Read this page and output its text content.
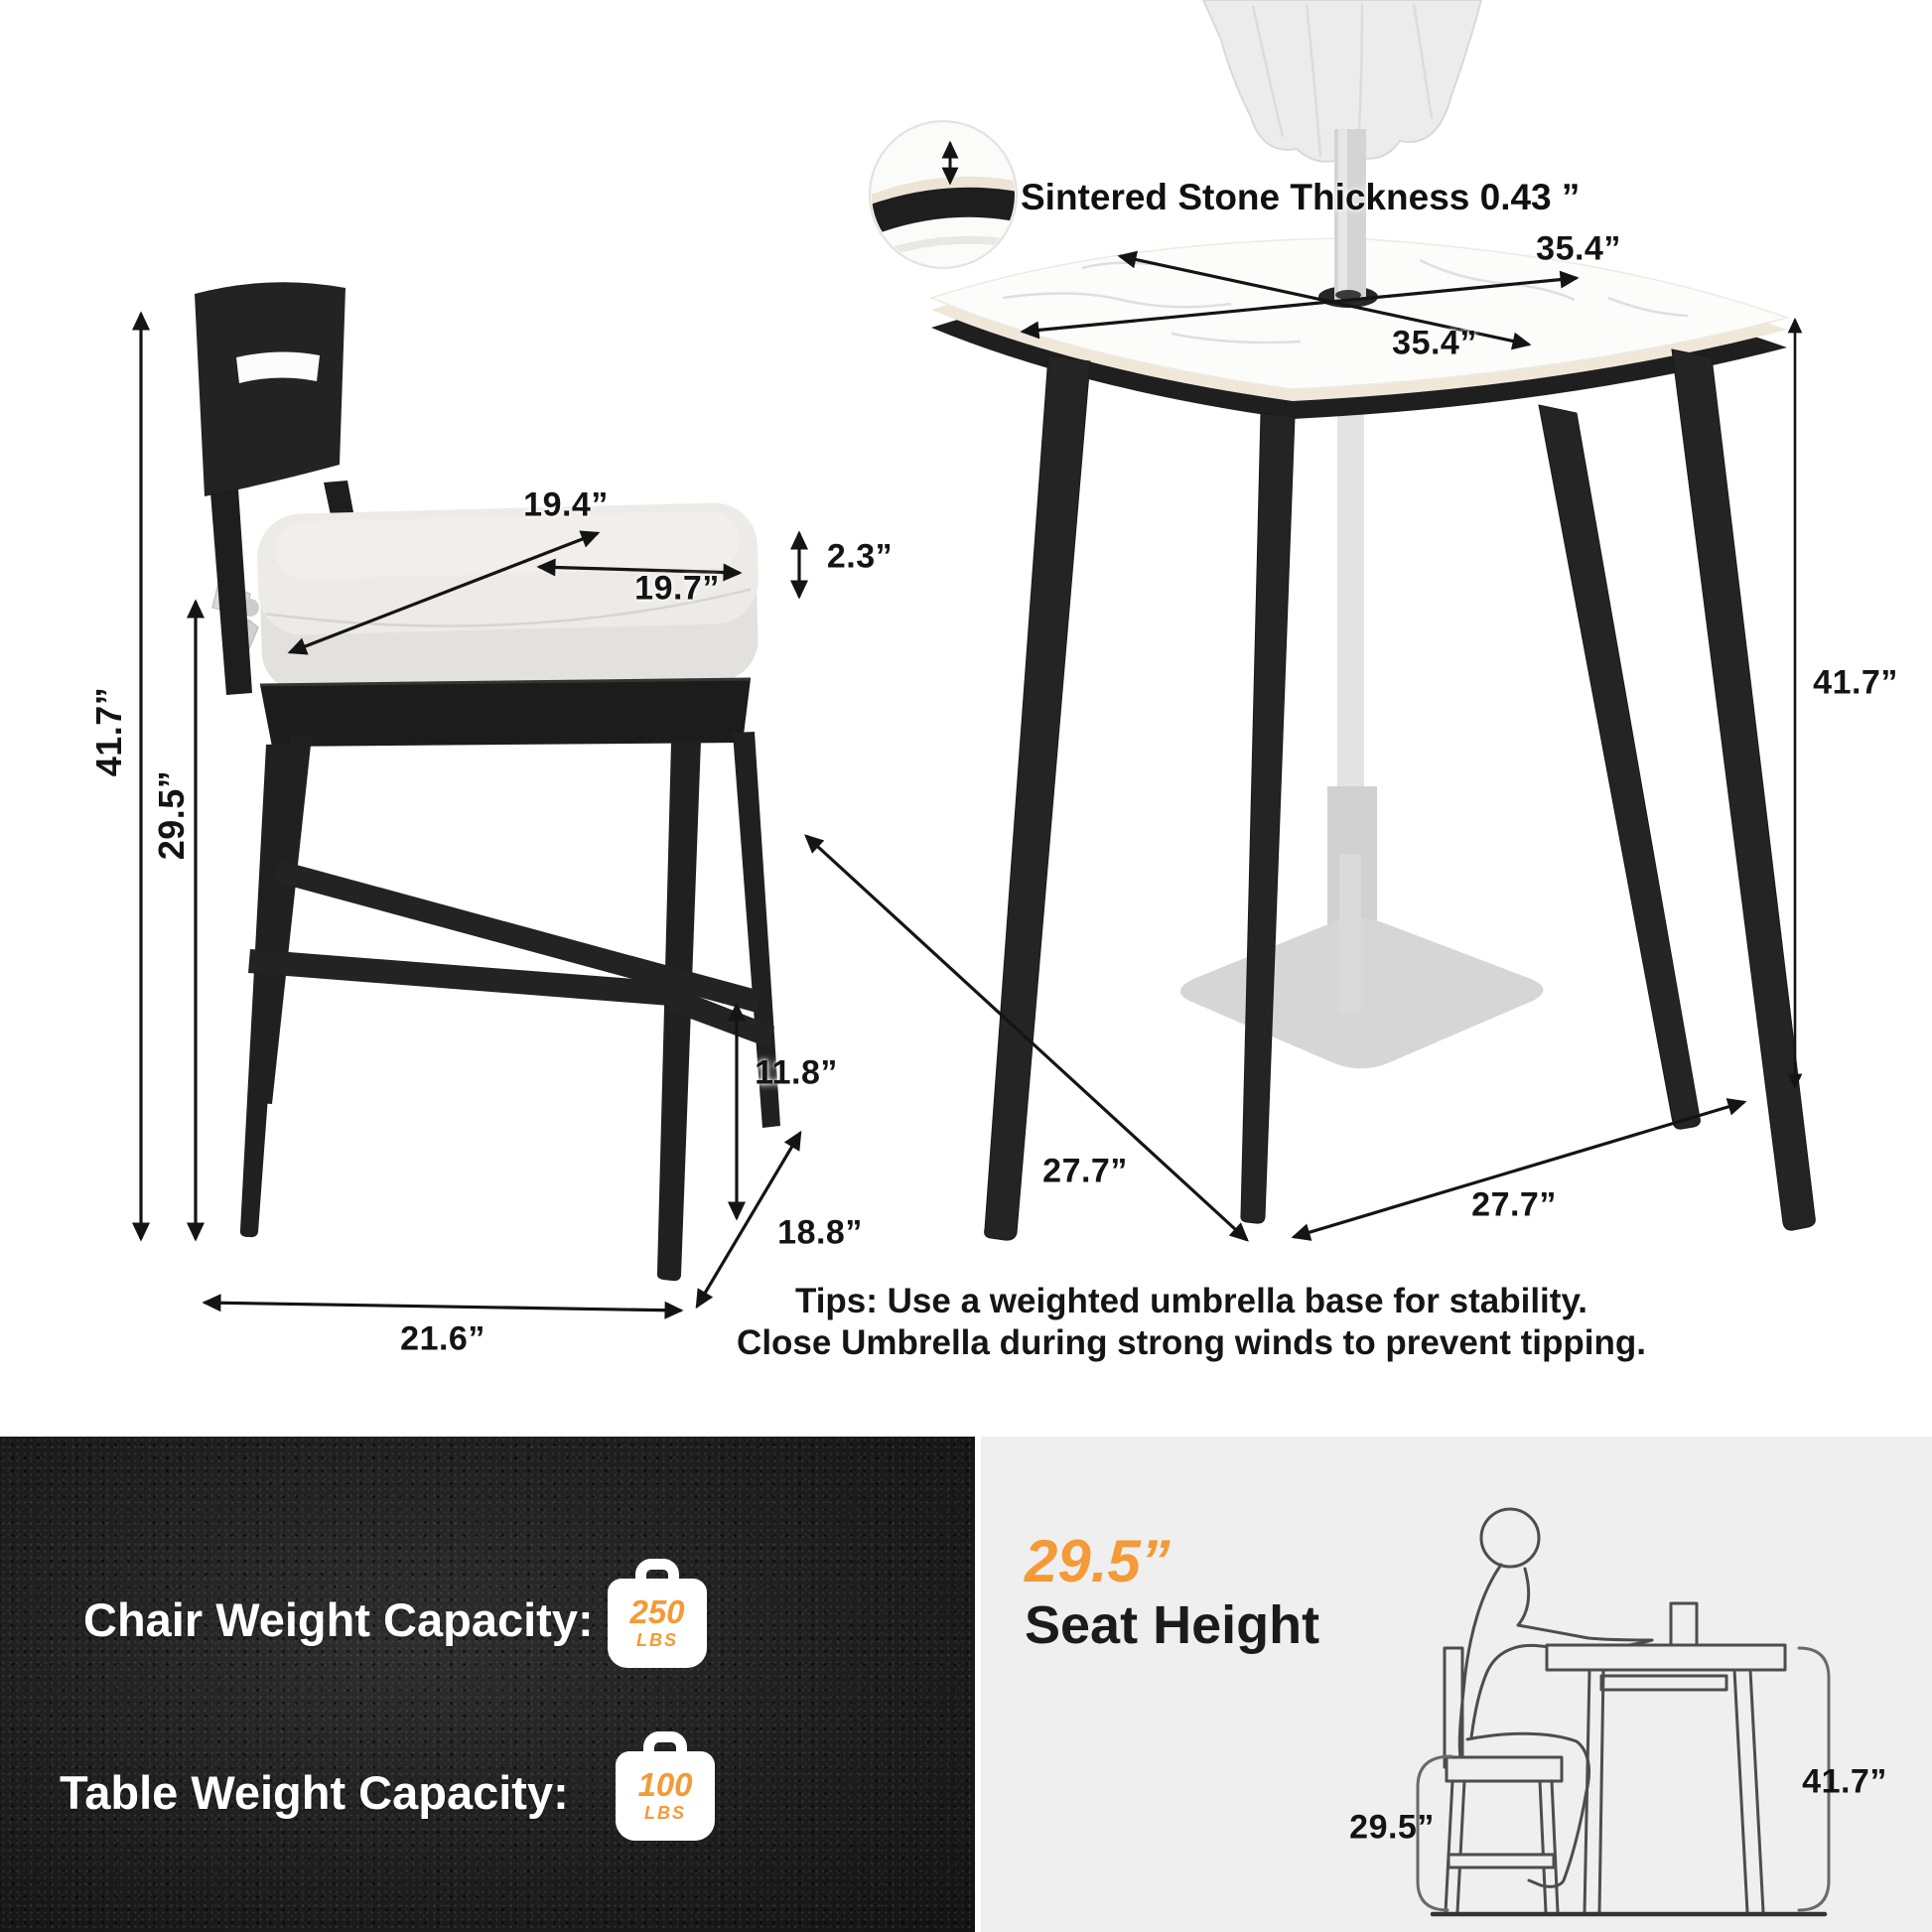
Sintered Stone Thickness 0.43 ”
35.4”
35.4”
41.7”
27.7”
27.7”
41.7”
29.5”
19.4”
19.7”
2.3”
11.8”
18.8”
21.6”
Tips: Use a weighted umbrella base for stability.
Close Umbrella during strong winds to prevent tipping.
Chair Weight Capacity: 250
LBS
Table Weight Capacity: 100
LBS
29.5”
Seat Height
29.5”
41.7”
